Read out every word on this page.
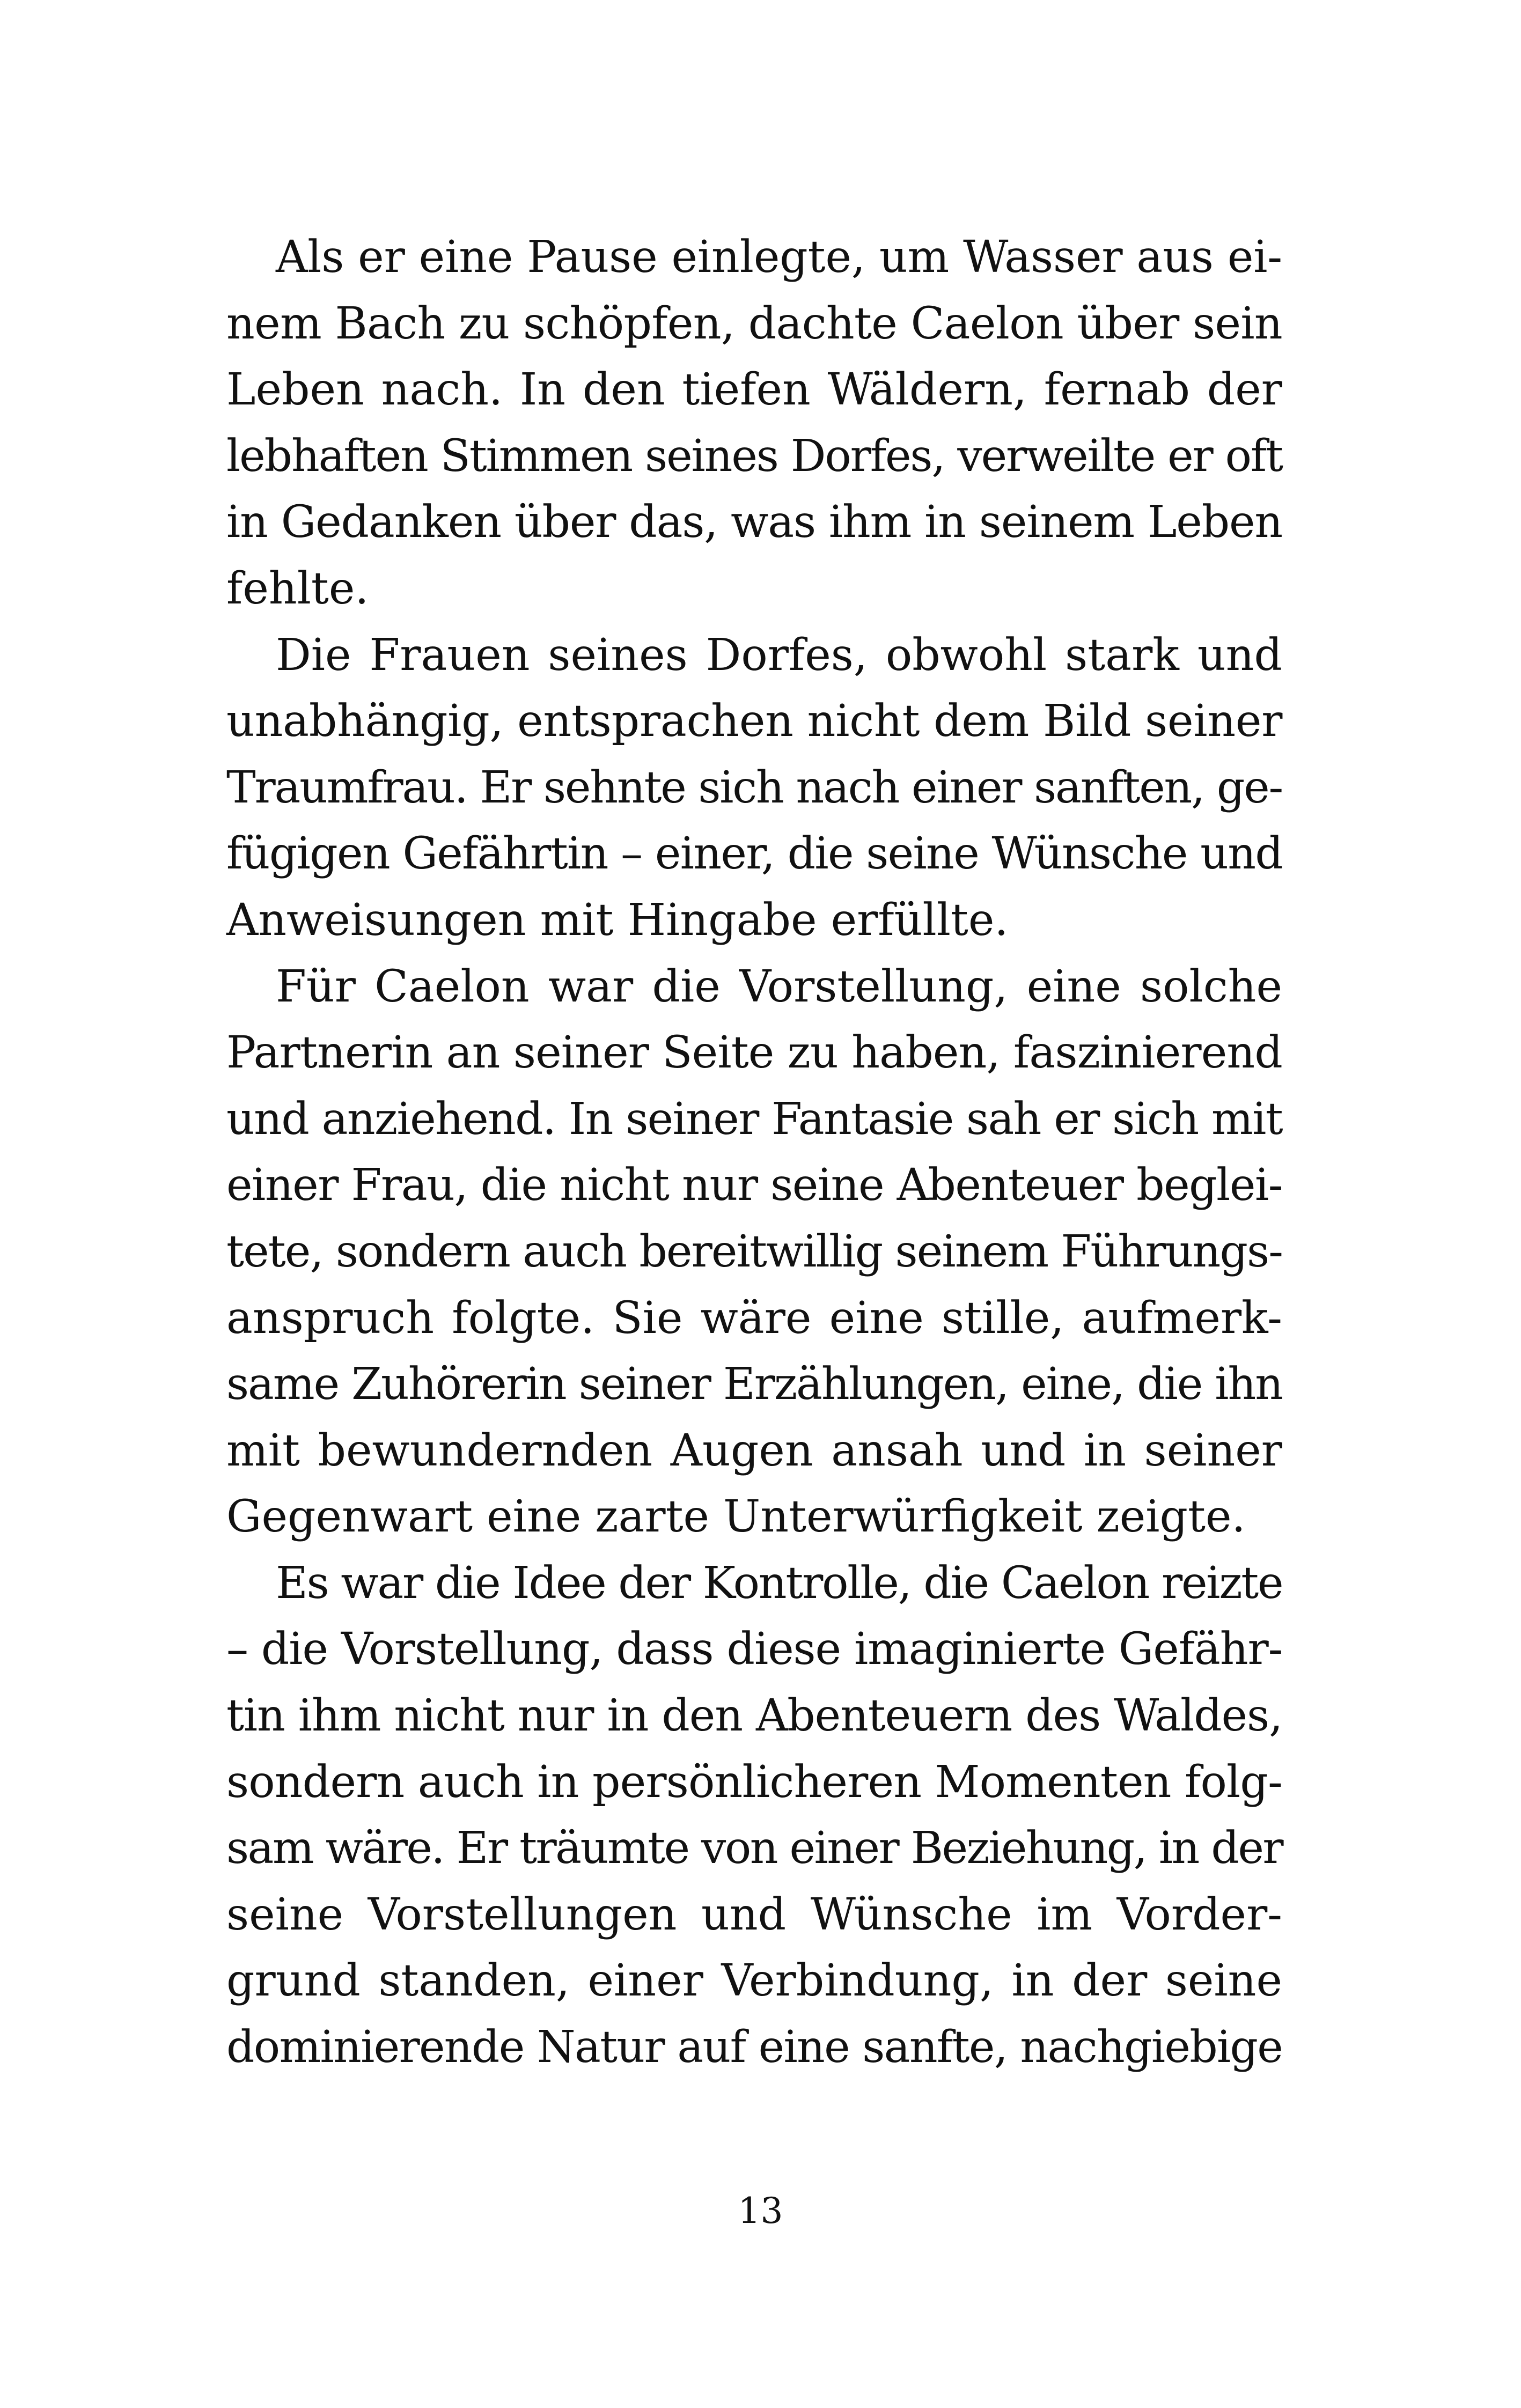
Als er eine Pause einlegte, um Wasser aus ei-
nem Bach zu schöpfen, dachte Caelon über sein
Leben nach. In den tiefen Wäldern, fernab der
lebhaften Stimmen seines Dorfes, verweilte er oft
in Gedanken über das, was ihm in seinem Leben
fehlte.
Die Frauen seines Dorfes, obwohl stark und
unabhängig, entsprachen nicht dem Bild seiner
Traumfrau. Er sehnte sich nach einer sanften, ge-
fügigen Gefährtin – einer, die seine Wünsche und
Anweisungen mit Hingabe erfüllte.
Für Caelon war die Vorstellung, eine solche
Partnerin an seiner Seite zu haben, faszinierend
und anziehend. In seiner Fantasie sah er sich mit
einer Frau, die nicht nur seine Abenteuer beglei-
tete, sondern auch bereitwillig seinem Führungs-
anspruch folgte. Sie wäre eine stille, aufmerk-
same Zuhörerin seiner Erzählungen, eine, die ihn
mit bewundernden Augen ansah und in seiner
Gegenwart eine zarte Unterwürfigkeit zeigte.
Es war die Idee der Kontrolle, die Caelon reizte
– die Vorstellung, dass diese imaginierte Gefähr-
tin ihm nicht nur in den Abenteuern des Waldes,
sondern auch in persönlicheren Momenten folg-
sam wäre. Er träumte von einer Beziehung, in der
seine Vorstellungen und Wünsche im Vorder-
grund standen, einer Verbindung, in der seine
dominierende Natur auf eine sanfte, nachgiebige
13
